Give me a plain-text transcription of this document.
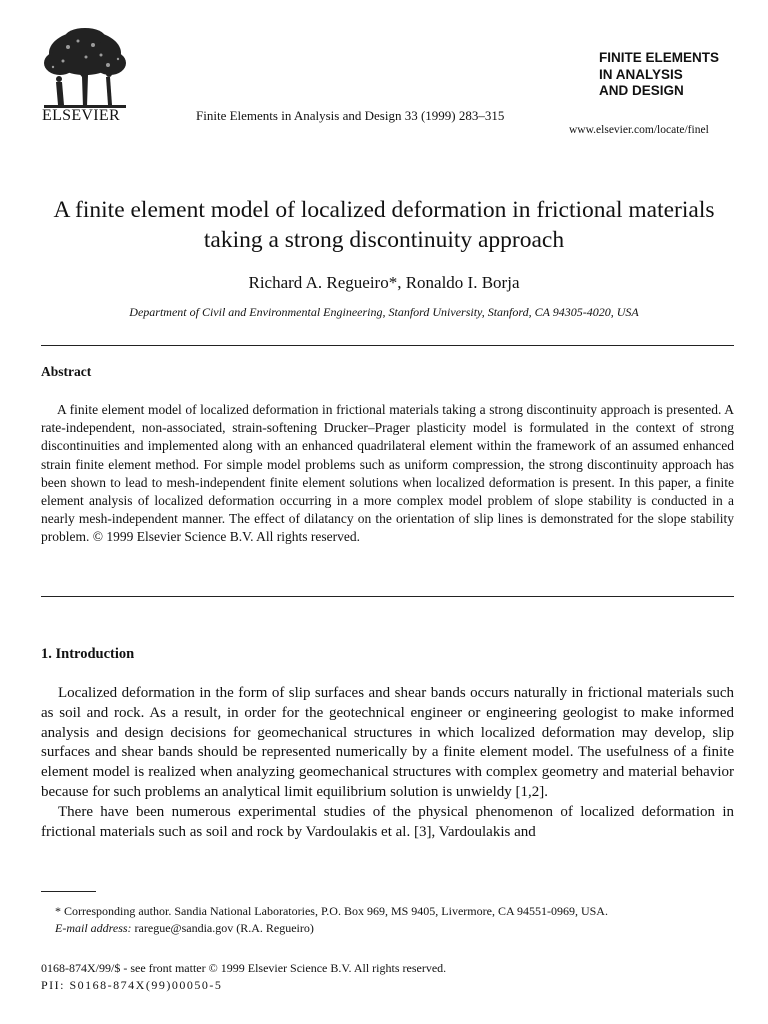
ELSEVIER	Finite Elements in Analysis and Design 33 (1999) 283–315
FINITE ELEMENTS
IN ANALYSIS
AND DESIGN
www.elsevier.com/locate/finel
A finite element model of localized deformation in frictional materials taking a strong discontinuity approach
Richard A. Regueiro*, Ronaldo I. Borja
Department of Civil and Environmental Engineering, Stanford University, Stanford, CA 94305-4020, USA
Abstract
A finite element model of localized deformation in frictional materials taking a strong discontinuity approach is presented. A rate-independent, non-associated, strain-softening Drucker–Prager plasticity model is formulated in the context of strong discontinuities and implemented along with an enhanced quadrilateral element within the framework of an assumed enhanced strain finite element method. For simple model problems such as uniform compression, the strong discontinuity approach has been shown to lead to mesh-independent finite element solutions when localized deformation is present. In this paper, a finite element analysis of localized deformation occurring in a more complex model problem of slope stability is conducted in a nearly mesh-independent manner. The effect of dilatancy on the orientation of slip lines is demonstrated for the slope stability problem. © 1999 Elsevier Science B.V. All rights reserved.
1. Introduction

Localized deformation in the form of slip surfaces and shear bands occurs naturally in frictional materials such as soil and rock. As a result, in order for the geotechnical engineer or engineering geologist to make informed analysis and design decisions for geomechanical structures in which localized deformation may develop, slip surfaces and shear bands should be represented numerically by a finite element model. The usefulness of a finite element model is realized when analyzing geomechanical structures with complex geometry and material behavior because for such problems an analytical limit equilibrium solution is unwieldy [1,2].

There have been numerous experimental studies of the physical phenomenon of localized deformation in frictional materials such as soil and rock by Vardoulakis et al. [3], Vardoulakis and

* Corresponding author. Sandia National Laboratories, P.O. Box 969, MS 9405, Livermore, CA 94551-0969, USA.
E-mail address: raregue@sandia.gov (R.A. Regueiro)
0168-874X/99/$ - see front matter © 1999 Elsevier Science B.V. All rights reserved.
PII: S0168-874X(99)00050-5
